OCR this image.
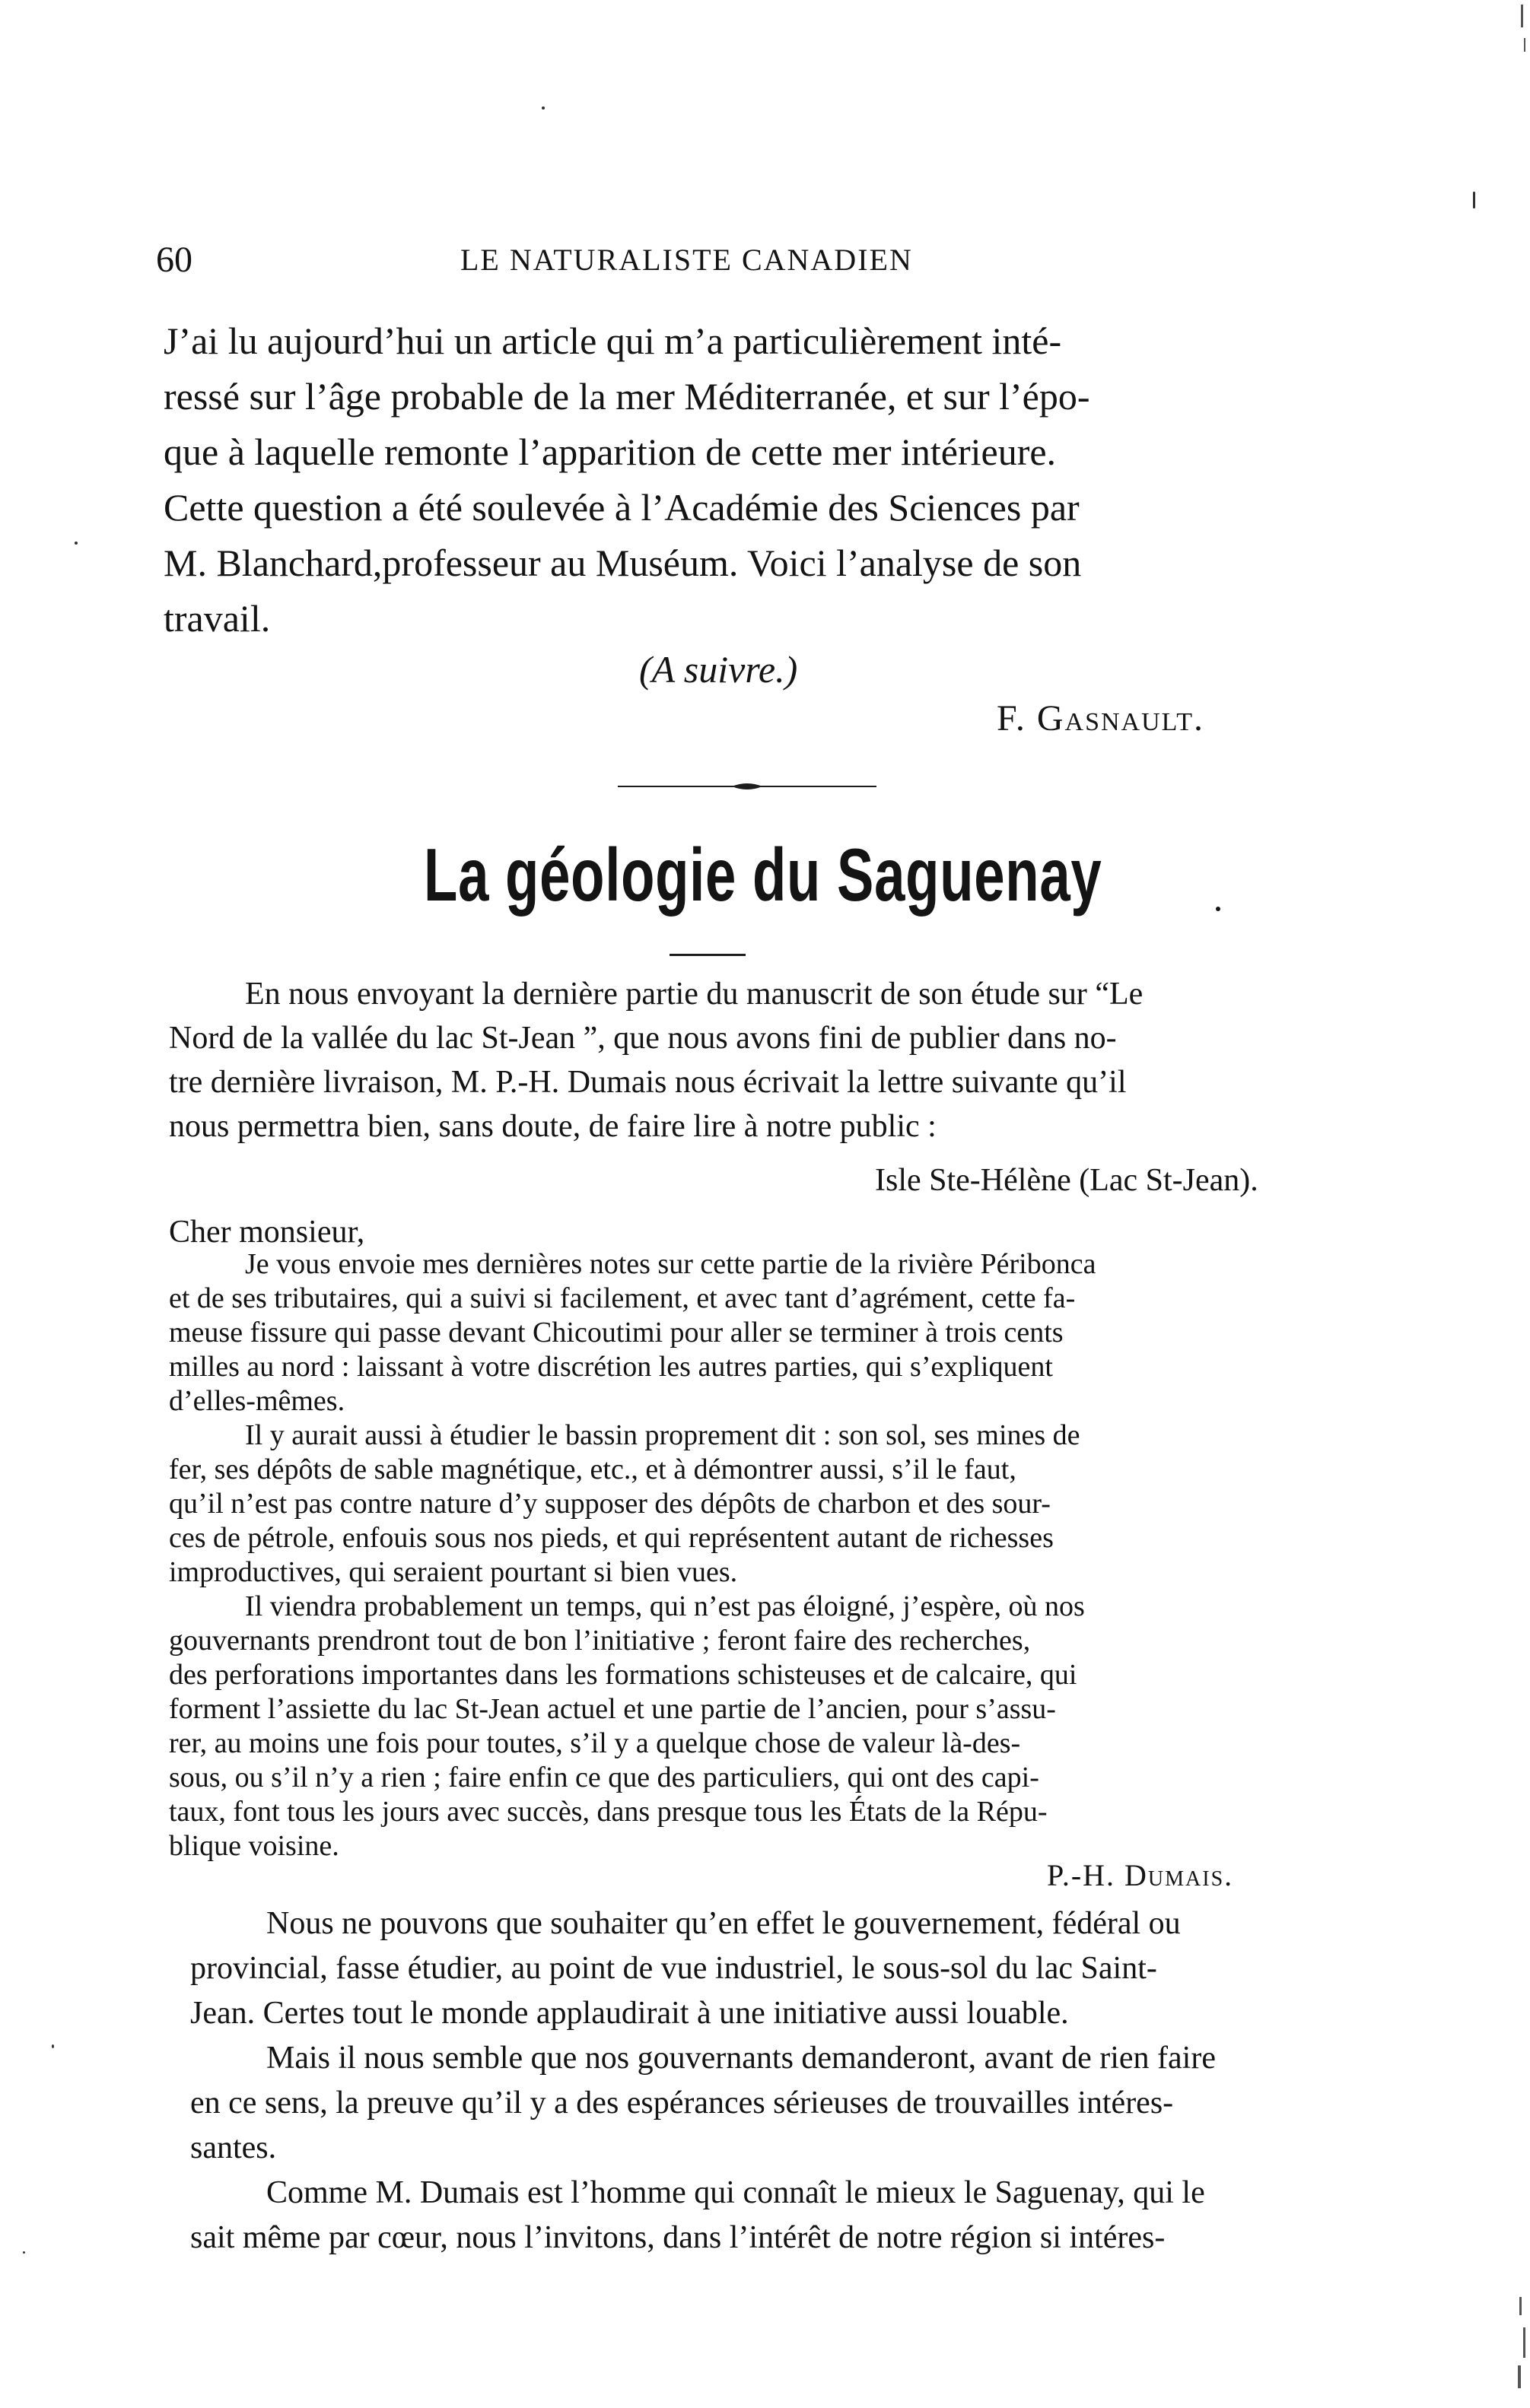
60	LE NATURALISTE CANADIEN
J’ai lu aujourd’hui un article qui m’a particulièrement inté-
ressé sur l’âge probable de la mer Méditerranée, et sur l’épo-
que à laquelle remonte l’apparition de cette mer intérieure.
Cette question a été soulevée à l’Académie des Sciences par
M. Blanchard,professeur au Muséum. Voici l’analyse de son
travail.
(A suivre.)
F. Gasnault.
La géologie du Saguenay
En nous envoyant la dernière partie du manuscrit de son étude sur “Le
Nord de la vallée du lac St-Jean ”, que nous avons fini de publier dans no-
tre dernière livraison, M. P.-H. Dumais nous écrivait la lettre suivante qu’il
nous permettra bien, sans doute, de faire lire à notre public :
Isle Ste-Hélène (Lac St-Jean).
Cher monsieur,
Je vous envoie mes dernières notes sur cette partie de la rivière Péribonca
et de ses tributaires, qui a suivi si facilement, et avec tant d’agrément, cette fa-
meuse fissure qui passe devant Chicoutimi pour aller se terminer à trois cents
milles au nord : laissant à votre discrétion les autres parties, qui s’expliquent
d’elles-mêmes.
Il y aurait aussi à étudier le bassin proprement dit : son sol, ses mines de
fer, ses dépôts de sable magnétique, etc., et à démontrer aussi, s’il le faut,
qu’il n’est pas contre nature d’y supposer des dépôts de charbon et des sour-
ces de pétrole, enfouis sous nos pieds, et qui représentent autant de richesses
improductives, qui seraient pourtant si bien vues.
Il viendra probablement un temps, qui n’est pas éloigné, j’espère, où nos
gouvernants prendront tout de bon l’initiative ; feront faire des recherches,
des perforations importantes dans les formations schisteuses et de calcaire, qui
forment l’assiette du lac St-Jean actuel et une partie de l’ancien, pour s’assu-
rer, au moins une fois pour toutes, s’il y a quelque chose de valeur là-des-
sous, ou s’il n’y a rien ; faire enfin ce que des particuliers, qui ont des capi-
taux, font tous les jours avec succès, dans presque tous les États de la Répu-
blique voisine.
P.-H. Dumais.
Nous ne pouvons que souhaiter qu’en effet le gouvernement, fédéral ou
provincial, fasse étudier, au point de vue industriel, le sous-sol du lac Saint-
Jean. Certes tout le monde applaudirait à une initiative aussi louable.
Mais il nous semble que nos gouvernants demanderont, avant de rien faire
en ce sens, la preuve qu’il y a des espérances sérieuses de trouvailles intéres-
santes.
Comme M. Dumais est l’homme qui connaît le mieux le Saguenay, qui le
sait même par cœur, nous l’invitons, dans l’intérêt de notre région si intéres-
